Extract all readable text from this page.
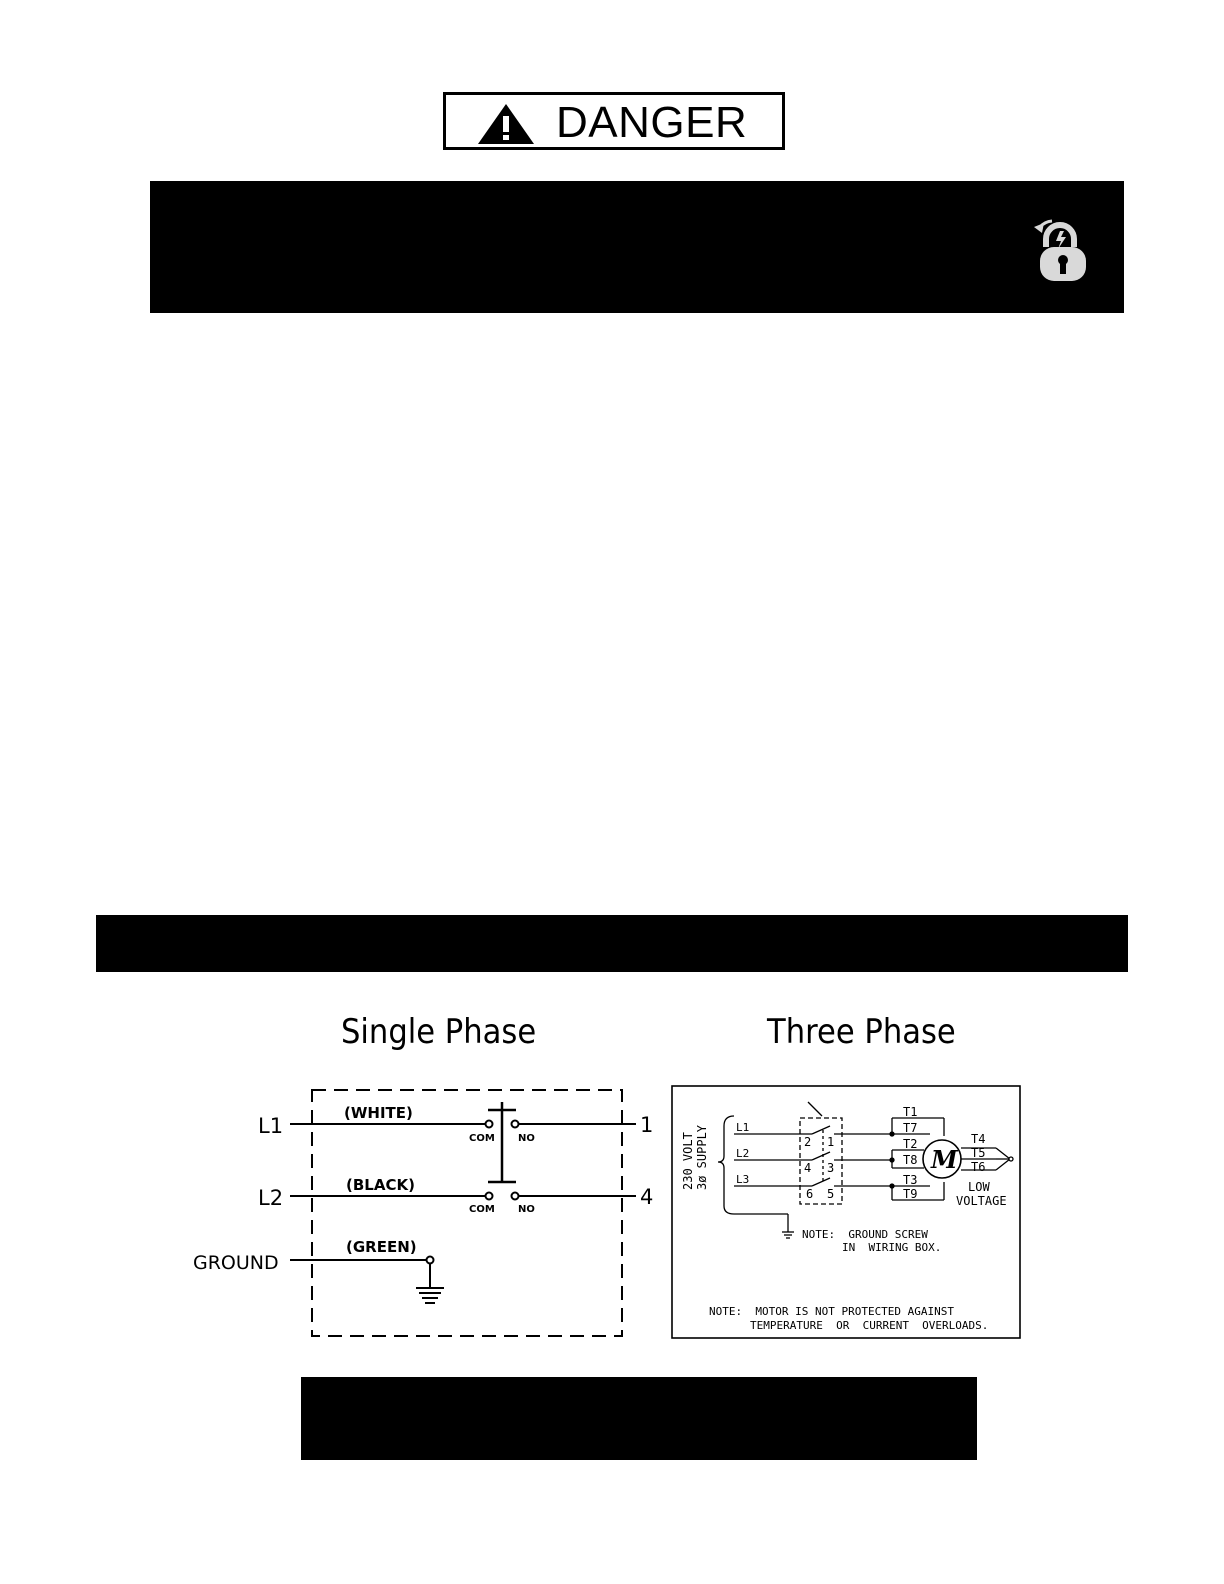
DANGER
Single Phase	Three Phase
L1
L2
GROUND
(WHITE)
(BLACK)
(GREEN)
COM NO
COM NO
1
4
230 VOLT 3ø SUPPLY L1
L2
L3
2 1
4 3
6 5
T1
T7
T2
T8
T3
T9
M
T4
T5
T6
LOW
VOLTAGE
NOTE:  GROUND SCREW
IN  WIRING BOX.
NOTE:  MOTOR IS NOT PROTECTED AGAINST
TEMPERATURE  OR  CURRENT  OVERLOADS.
